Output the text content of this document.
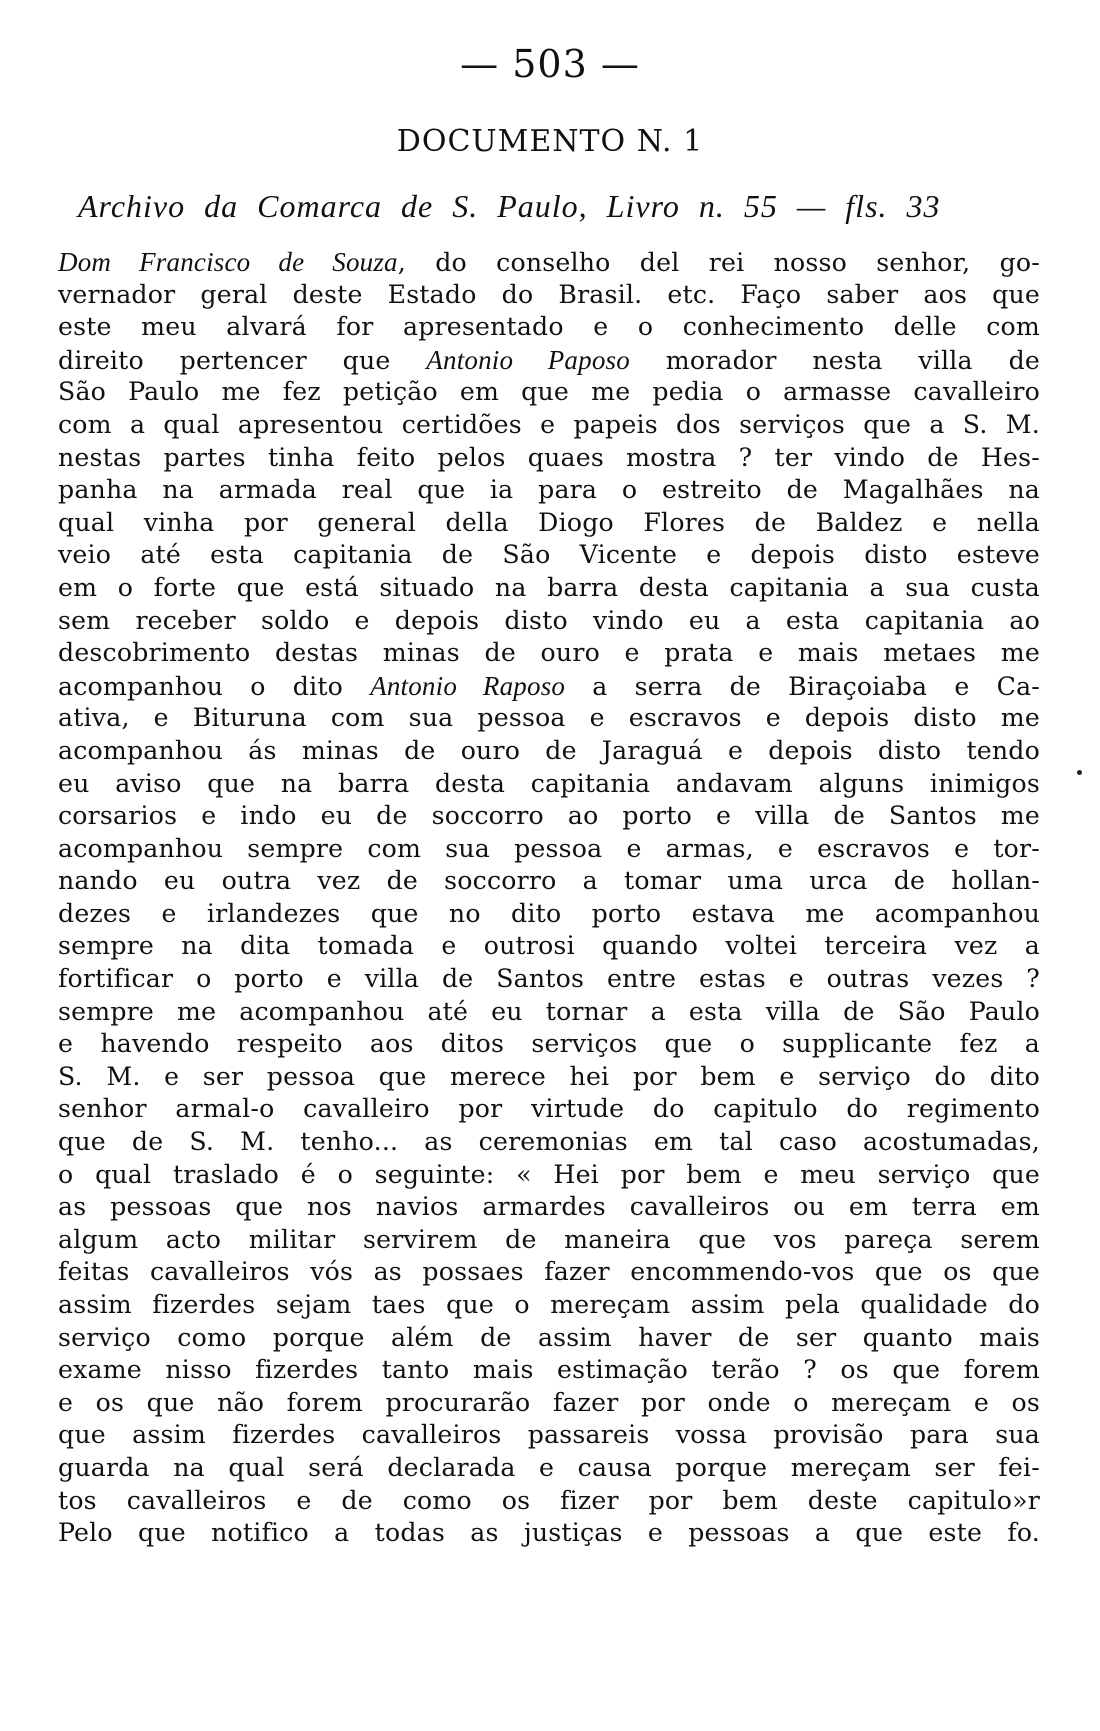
— 503 —

DOCUMENTO N. 1

Archivo da Comarca de S. Paulo, Livro n. 55 — fls. 33

Dom Francisco de Souza, do conselho del rei nosso senhor, go-
vernador geral deste Estado do Brasil. etc. Faço saber aos que
este meu alvará for apresentado e o conhecimento delle com
direito pertencer que Antonio Paposo morador nesta villa de
São Paulo me fez petição em que me pedia o armasse cavalleiro
com a qual apresentou certidões e papeis dos serviços que a S. M.
nestas partes tinha feito pelos quaes mostra ? ter vindo de Hes-
panha na armada real que ia para o estreito de Magalhães na
qual vinha por general della Diogo Flores de Baldez e nella
veio até esta capitania de São Vicente e depois disto esteve
em o forte que está situado na barra desta capitania a sua custa
sem receber soldo e depois disto vindo eu a esta capitania ao
descobrimento destas minas de ouro e prata e mais metaes me
acompanhou o dito Antonio Raposo a serra de Biraçoiaba e Ca-
ativa, e Bituruna com sua pessoa e escravos e depois disto me
acompanhou ás minas de ouro de Jaraguá e depois disto tendo
eu aviso que na barra desta capitania andavam alguns inimigos
corsarios e indo eu de soccorro ao porto e villa de Santos me
acompanhou sempre com sua pessoa e armas, e escravos e tor-
nando eu outra vez de soccorro a tomar uma urca de hollan-
dezes e irlandezes que no dito porto estava me acompanhou
sempre na dita tomada e outrosi quando voltei terceira vez a
fortificar o porto e villa de Santos entre estas e outras vezes ?
sempre me acompanhou até eu tornar a esta villa de São Paulo
e havendo respeito aos ditos serviços que o supplicante fez a
S. M. e ser pessoa que merece hei por bem e serviço do dito
senhor armal-o cavalleiro por virtude do capitulo do regimento
que de S. M. tenho... as ceremonias em tal caso acostumadas,
o qual traslado é o seguinte: « Hei por bem e meu serviço que
as pessoas que nos navios armardes cavalleiros ou em terra em
algum acto militar servirem de maneira que vos pareça serem
feitas cavalleiros vós as possaes fazer encommendo-vos que os que
assim fizerdes sejam taes que o mereçam assim pela qualidade do
serviço como porque além de assim haver de ser quanto mais
exame nisso fizerdes tanto mais estimação terão ? os que forem
e os que não forem procurarão fazer por onde o mereçam e os
que assim fizerdes cavalleiros passareis vossa provisão para sua
guarda na qual será declarada e causa porque mereçam ser fei-
tos cavalleiros e de como os fizer por bem deste capitulo»r
Pelo que notifico a todas as justiças e pessoas a que este fo.
